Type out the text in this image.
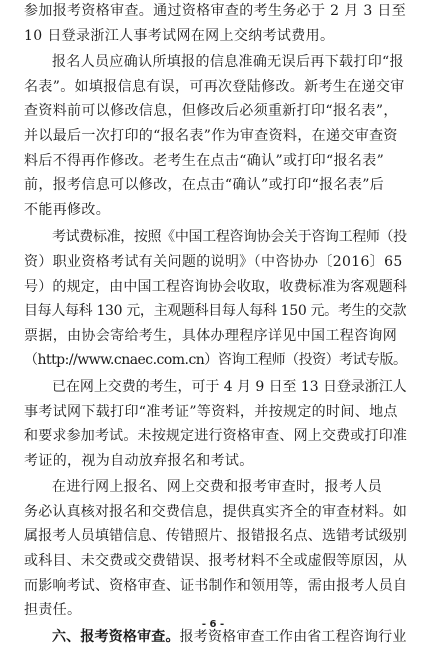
参加报考资格审查。通过资格审查的考生务必于 2 月 3 日至
10 日登录浙江人事考试网在网上交纳考试费用。

报名人员应确认所填报的信息准确无误后再下载打印“报
名表”。如填报信息有误，可再次登陆修改。新考生在递交审
查资料前可以修改信息，但修改后必须重新打印“报名表”，
并以最后一次打印的“报名表”作为审查资料，在递交审查资
料后不得再作修改。老考生在点击“确认”或打印“报名表”
前，报考信息可以修改，在点击“确认”或打印“报名表”后
不能再修改。

考试费标准，按照《中国工程咨询协会关于咨询工程师（投
资）职业资格考试有关问题的说明》（中咨协办〔2016〕65
号）的规定，由中国工程咨询协会收取，收费标准为客观题科
目每人每科 130 元，主观题科目每人每科 150 元。考生的交款
票据，由协会寄给考生，具体办理程序详见中国工程咨询网
（http://www.cnaec.com.cn）咨询工程师（投资）考试专版。

已在网上交费的考生，可于 4 月 9 日至 13 日登录浙江人
事考试网下载打印“准考证”等资料，并按规定的时间、地点
和要求参加考试。未按规定进行资格审查、网上交费或打印准
考证的，视为自动放弃报名和考试。

在进行网上报名、网上交费和报考审查时，报考人员
务必认真核对报名和交费信息，提供真实齐全的审查材料。如
属报考人员填错信息、传错照片、报错报名点、选错考试级别
或科目、未交费或交费错误、报考材料不全或虚假等原因，从
而影响考试、资格审查、证书制作和领用等，需由报考人员自
担责任。

六、报考资格审查。报考资格审查工作由省工程咨询行业

- 6 -
